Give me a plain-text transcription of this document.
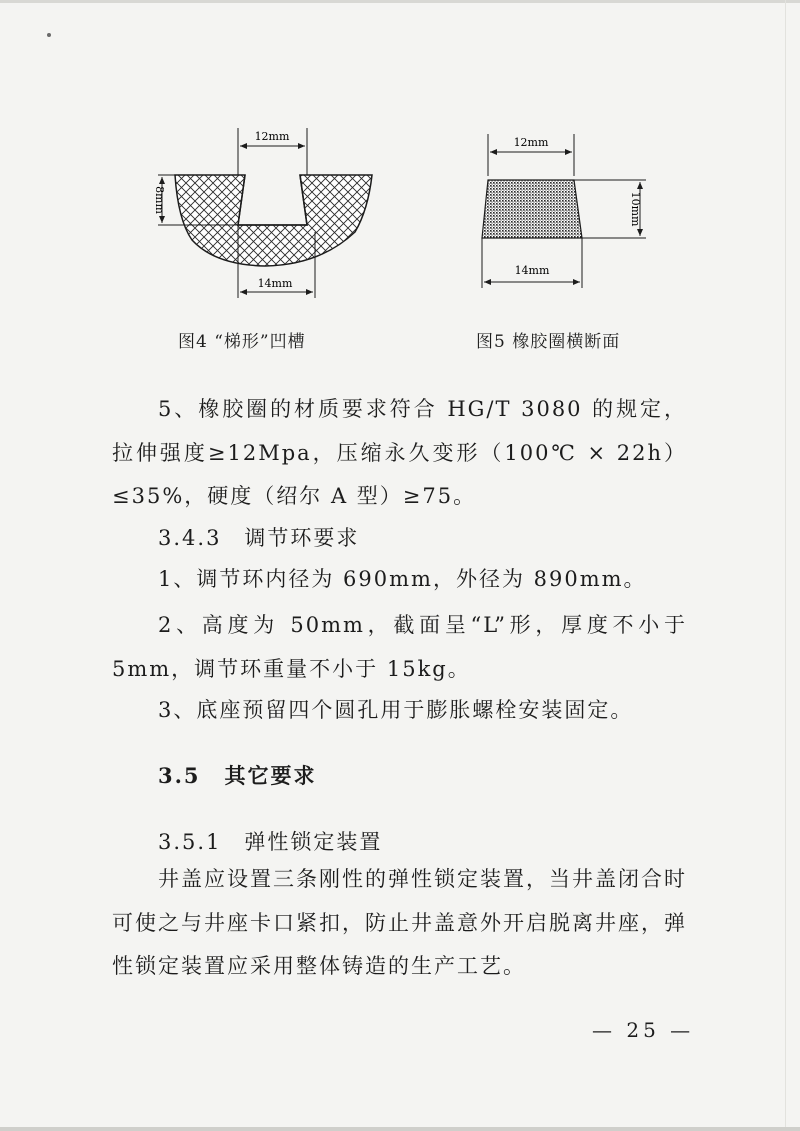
12mm
8mm
14mm
图4 “梯形”凹槽
12mm
10mm
14mm
图5 橡胶圈横断面

5、橡胶圈的材质要求符合 HG/T 3080 的规定，拉伸强度≥12Mpa，压缩永久变形（100℃ × 22h）≤35%，硬度（绍尔 A 型）≥75。

3.4.3　调节环要求

1、调节环内径为 690mm，外径为 890mm。

2、高度为 50mm，截面呈“L”形，厚度不小于5mm，调节环重量不小于 15kg。

3、底座预留四个圆孔用于膨胀螺栓安装固定。

3.5 其它要求

3.5.1　弹性锁定装置

井盖应设置三条刚性的弹性锁定装置，当井盖闭合时可使之与井座卡口紧扣，防止井盖意外开启脱离井座，弹性锁定装置应采用整体铸造的生产工艺。

— 25 —
